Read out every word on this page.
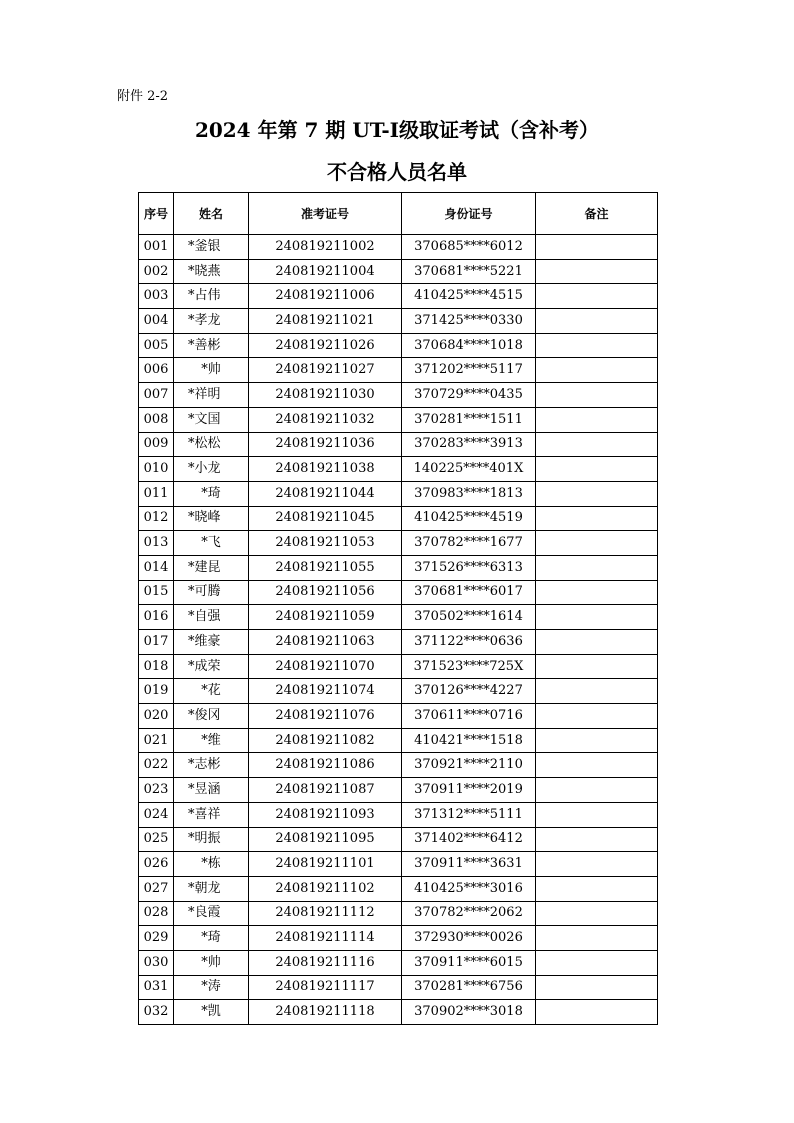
附件 2-2
2024 年第 7 期 UT-Ⅰ级取证考试（含补考）
不合格人员名单
序号	姓名	准考证号	身份证号	备注
001	*釜银	240819211002	370685****6012	
002	*晓燕	240819211004	370681****5221	
003	*占伟	240819211006	410425****4515	
004	*孝龙	240819211021	371425****0330	
005	*善彬	240819211026	370684****1018	
006	*帅	240819211027	371202****5117	
007	*祥明	240819211030	370729****0435	
008	*文国	240819211032	370281****1511	
009	*松松	240819211036	370283****3913	
010	*小龙	240819211038	140225****401X	
011	*琦	240819211044	370983****1813	
012	*晓峰	240819211045	410425****4519	
013	*飞	240819211053	370782****1677	
014	*建昆	240819211055	371526****6313	
015	*可腾	240819211056	370681****6017	
016	*自强	240819211059	370502****1614	
017	*维豪	240819211063	371122****0636	
018	*成荣	240819211070	371523****725X	
019	*花	240819211074	370126****4227	
020	*俊冈	240819211076	370611****0716	
021	*维	240819211082	410421****1518	
022	*志彬	240819211086	370921****2110	
023	*昱涵	240819211087	370911****2019	
024	*喜祥	240819211093	371312****5111	
025	*明振	240819211095	371402****6412	
026	*栋	240819211101	370911****3631	
027	*朝龙	240819211102	410425****3016	
028	*良霞	240819211112	370782****2062	
029	*琦	240819211114	372930****0026	
030	*帅	240819211116	370911****6015	
031	*涛	240819211117	370281****6756	
032	*凯	240819211118	370902****3018	
